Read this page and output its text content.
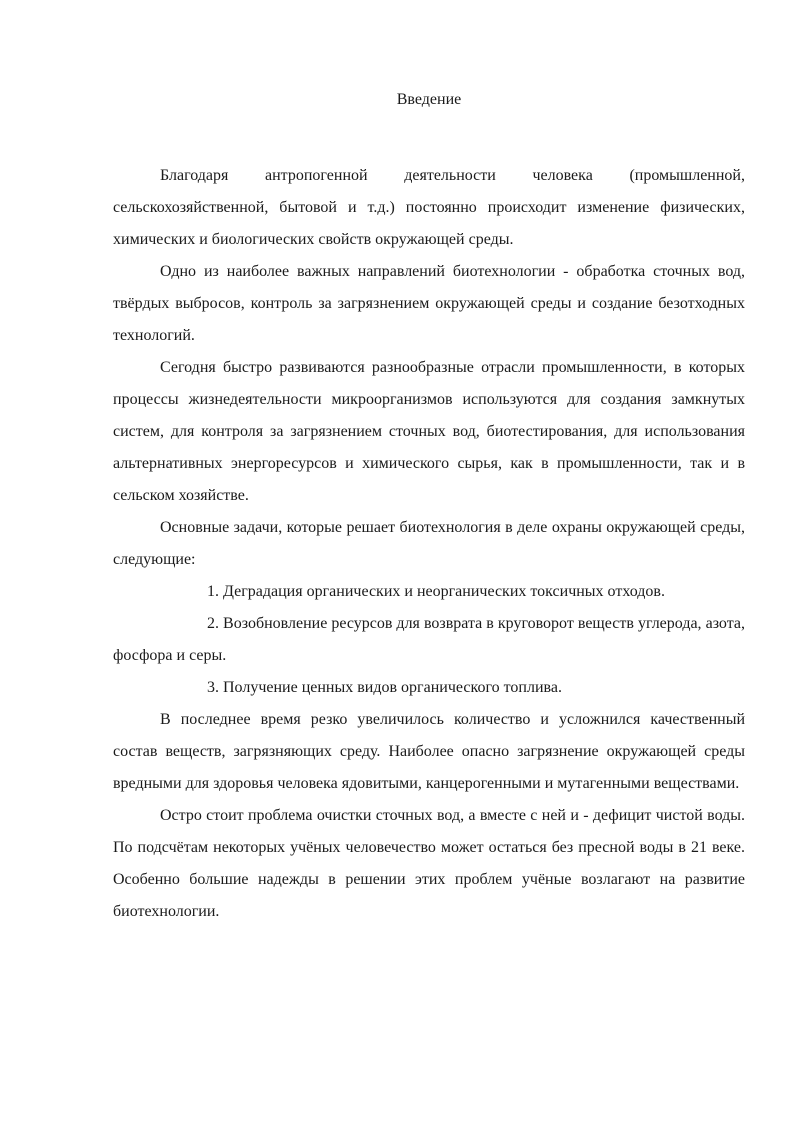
Введение

Благодаря антропогенной деятельности человека (промышленной, сельскохозяйственной, бытовой и т.д.) постоянно происходит изменение физических, химических и биологических свойств окружающей среды.

Одно из наиболее важных направлений биотехнологии - обработка сточных вод, твёрдых выбросов, контроль за загрязнением окружающей среды и создание безотходных технологий.

Сегодня быстро развиваются разнообразные отрасли промышленности, в которых процессы жизнедеятельности микроорганизмов используются для создания замкнутых систем, для контроля за загрязнением сточных вод, биотестирования, для использования альтернативных энергоресурсов и химического сырья, как в промышленности, так и в сельском хозяйстве.

Основные задачи, которые решает биотехнология в деле охраны окружающей среды, следующие:

1. Деградация органических и неорганических токсичных отходов.

2. Возобновление ресурсов для возврата в круговорот веществ углерода, азота, фосфора и серы.

3. Получение ценных видов органического топлива.

В последнее время резко увеличилось количество и усложнился качественный состав веществ, загрязняющих среду. Наиболее опасно загрязнение окружающей среды вредными для здоровья человека ядовитыми, канцерогенными и мутагенными веществами.

Остро стоит проблема очистки сточных вод, а вместе с ней и - дефицит чистой воды. По подсчётам некоторых учёных человечество может остаться без пресной воды в 21 веке. Особенно большие надежды в решении этих проблем учёные возлагают на развитие биотехнологии.
